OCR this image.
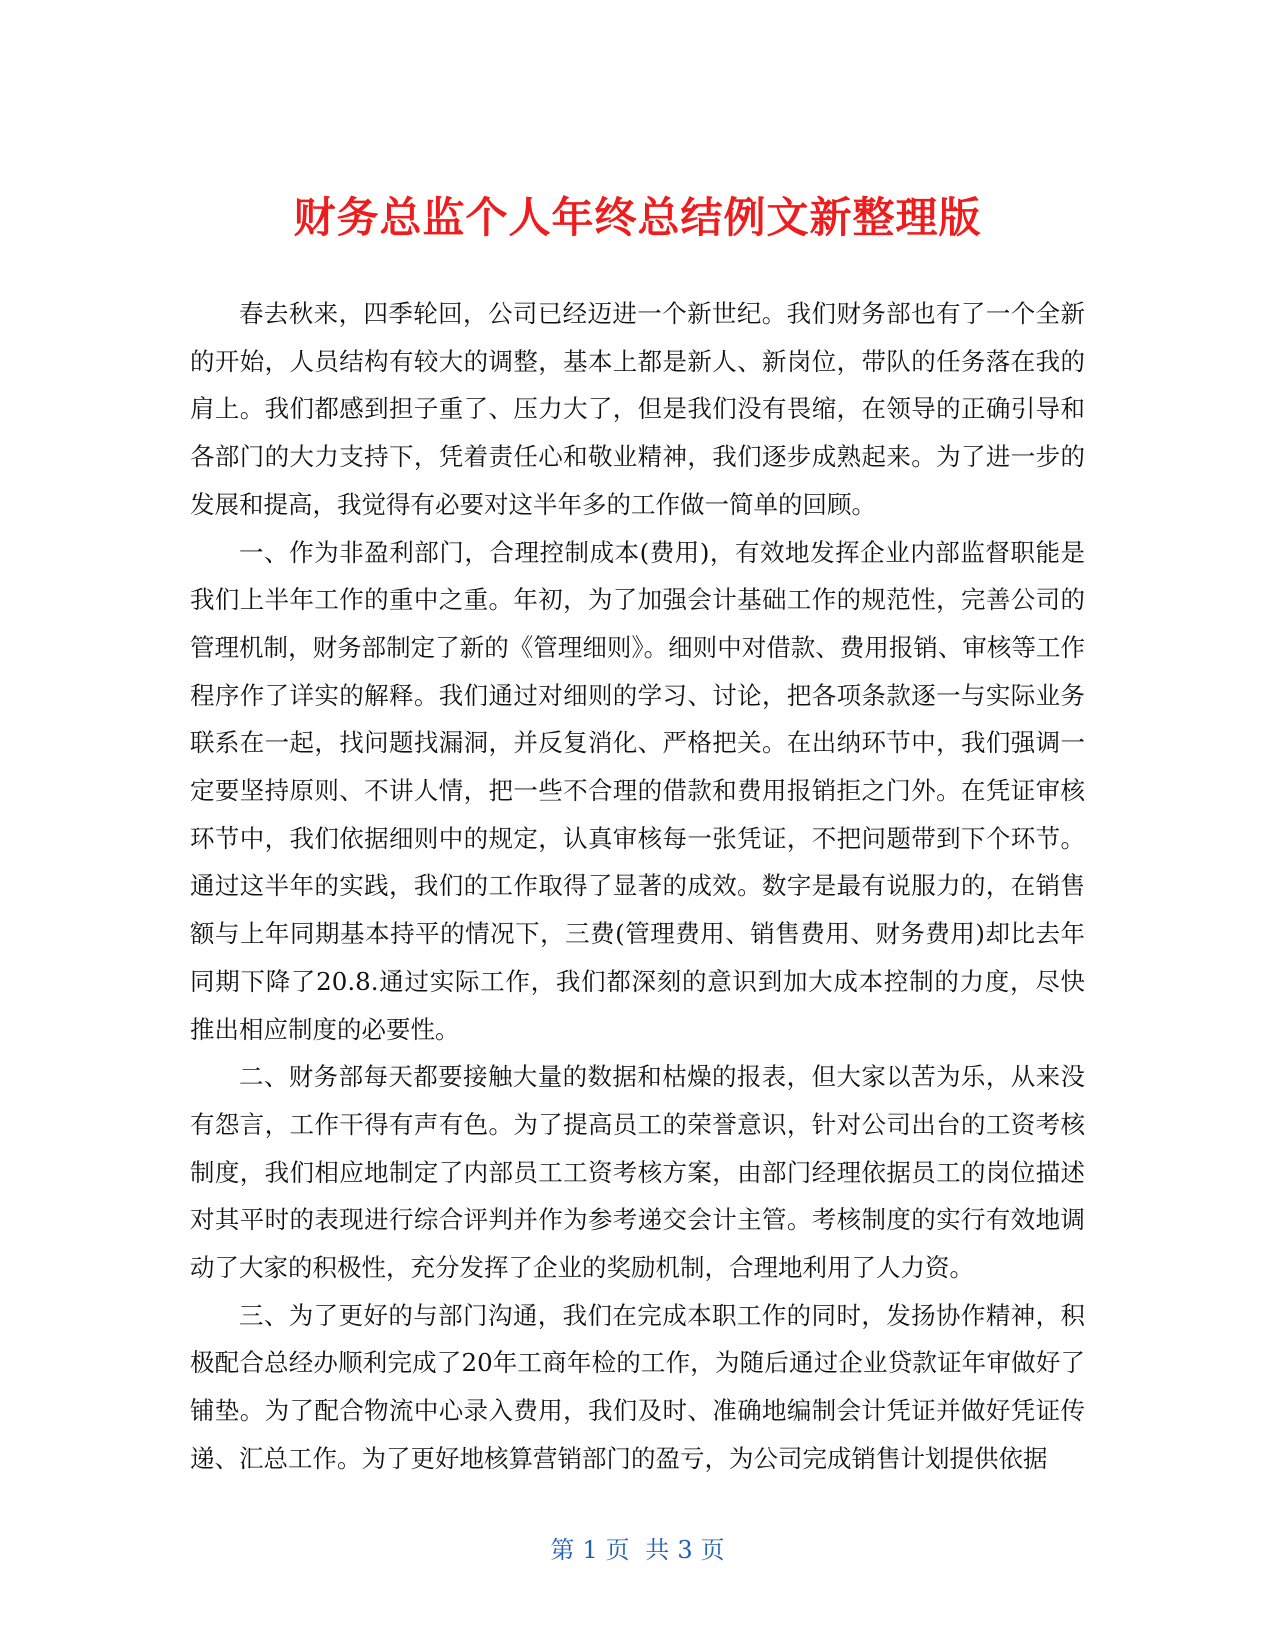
财务总监个人年终总结例文新整理版

春去秋来，四季轮回，公司已经迈进一个新世纪。我们财务部也有了一个全新的开始，人员结构有较大的调整，基本上都是新人、新岗位，带队的任务落在我的肩上。我们都感到担子重了、压力大了，但是我们没有畏缩，在领导的正确引导和各部门的大力支持下，凭着责任心和敬业精神，我们逐步成熟起来。为了进一步的发展和提高，我觉得有必要对这半年多的工作做一简单的回顾。

一、作为非盈利部门，合理控制成本(费用)，有效地发挥企业内部监督职能是我们上半年工作的重中之重。年初，为了加强会计基础工作的规范性，完善公司的管理机制，财务部制定了新的《管理细则》。细则中对借款、费用报销、审核等工作程序作了详实的解释。我们通过对细则的学习、讨论，把各项条款逐一与实际业务联系在一起，找问题找漏洞，并反复消化、严格把关。在出纳环节中，我们强调一定要坚持原则、不讲人情，把一些不合理的借款和费用报销拒之门外。在凭证审核环节中，我们依据细则中的规定，认真审核每一张凭证，不把问题带到下个环节。通过这半年的实践，我们的工作取得了显著的成效。数字是最有说服力的，在销售额与上年同期基本持平的情况下，三费(管理费用、销售费用、财务费用)却比去年同期下降了20.8.通过实际工作，我们都深刻的意识到加大成本控制的力度，尽快推出相应制度的必要性。

二、财务部每天都要接触大量的数据和枯燥的报表，但大家以苦为乐，从来没有怨言，工作干得有声有色。为了提高员工的荣誉意识，针对公司出台的工资考核制度，我们相应地制定了内部员工工资考核方案，由部门经理依据员工的岗位描述对其平时的表现进行综合评判并作为参考递交会计主管。考核制度的实行有效地调动了大家的积极性，充分发挥了企业的奖励机制，合理地利用了人力资。

三、为了更好的与部门沟通，我们在完成本职工作的同时，发扬协作精神，积极配合总经办顺利完成了20年工商年检的工作，为随后通过企业贷款证年审做好了铺垫。为了配合物流中心录入费用，我们及时、准确地编制会计凭证并做好凭证传递、汇总工作。为了更好地核算营销部门的盈亏，为公司完成销售计划提供依据

第 1 页 共 3 页
